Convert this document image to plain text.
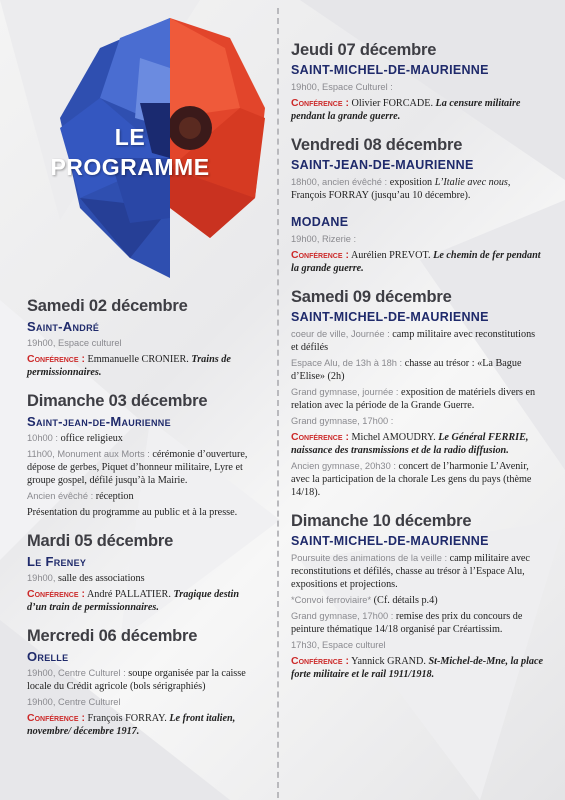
LE
PROGRAMME
Samedi 02 décembre
Saint-André
19h00, Espace culturel
Conférence : Emmanuelle CRONIER. Trains de permissionnaires.
Dimanche 03 décembre
Saint-jean-de-Maurienne
10h00 : office religieux
11h00, Monument aux Morts : cérémonie d’ouverture, dépose de gerbes, Piquet d’honneur militaire, Lyre et groupe gospel, défilé jusqu’à la Mairie.
Ancien évêché : réception
Présentation du programme au public et à la presse.
Mardi 05 décembre
Le Freney
19h00, salle des associations
Conférence : André PALLATIER. Tragique destin d’un train de permissionnaires.
Mercredi 06 décembre
Orelle
19h00, Centre Culturel : soupe organisée par la caisse locale du Crédit agricole (bols sérigraphiés)
19h00, Centre Culturel
Conférence : François FORRAY. Le front italien, novembre/ décembre 1917.
Jeudi 07 décembre
SAINT-MICHEL-DE-MAURIENNE
19h00, Espace Culturel :
Conférence : Olivier FORCADE. La censure militaire pendant la grande guerre.
Vendredi 08 décembre
SAINT-JEAN-DE-MAURIENNE
18h00, ancien évêché : exposition L’Italie avec nous, François FORRAY (jusqu’au 10 décembre).
MODANE
19h00, Rizerie :
Conférence : Aurélien PREVOT. Le chemin de fer pendant la grande guerre.
Samedi 09 décembre
SAINT-MICHEL-DE-MAURIENNE
coeur de ville, Journée : camp militaire avec reconstitutions et défilés
Espace Alu, de 13h à 18h : chasse au trésor : «La Bague d’Elise» (2h)
Grand gymnase, journée : exposition de matériels divers en relation avec la période de la Grande Guerre.
Grand gymnase, 17h00 :
Conférence : Michel AMOUDRY. Le Général FERRIE, naissance des transmissions et de la radio diffusion.
Ancien gymnase, 20h30 : concert de l’harmonie L’Avenir, avec la participation de la chorale Les gens du pays (thème 14/18).
Dimanche 10 décembre
SAINT-MICHEL-DE-MAURIENNE
Poursuite des animations de la veille : camp militaire avec reconstitutions et défilés, chasse au trésor à l’Espace Alu, expositions et projections.
*Convoi ferroviaire* (Cf. détails p.4)
Grand gymnase, 17h00 : remise des prix du concours de peinture thématique 14/18 organisé par Créartissim.
17h30, Espace culturel
Conférence : Yannick GRAND. St-Michel-de-Mne, la place forte militaire et le rail 1911/1918.
